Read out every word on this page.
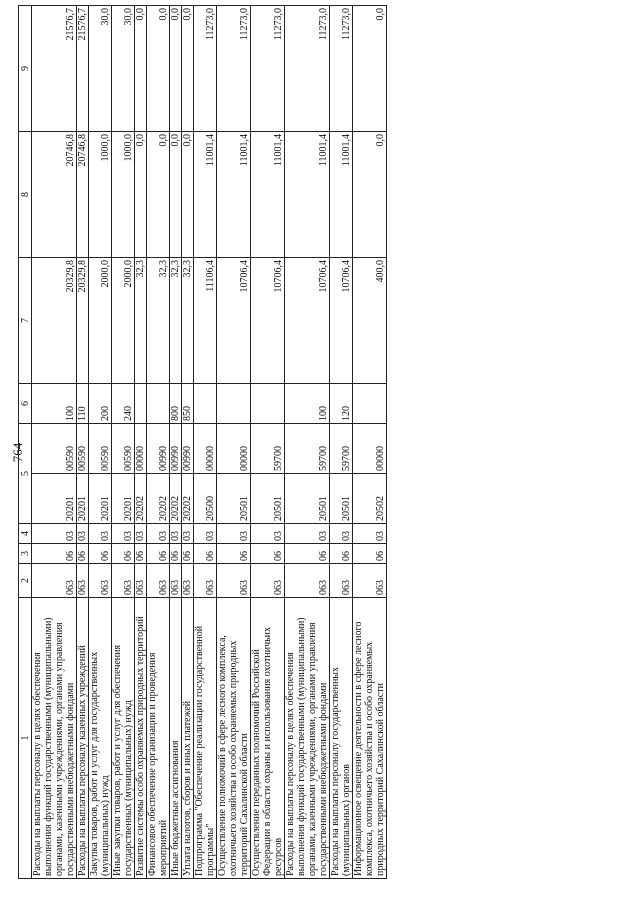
764
1	2	3	4	5		6	7	8	9
Расходы на выплаты персоналу в целях обеспечения выполнения функций государственными (муниципальными) органами, казенными учреждениями, органами управления государственными внебюджетными фондами	063	06	03	20201	00590	100	20329,8	20746,8	21576,7
Расходы на выплаты персоналу казенных учреждений	063	06	03	20201	00590	110	20329,8	20746,8	21576,7
Закупка товаров, работ и услуг для государственных (муниципальных) нужд	063	06	03	20201	00590	200	2000,0	1000,0	30,0
Иные закупки товаров, работ и услуг для обеспечения государственных (муниципальных) нужд	063	06	03	20201	00590	240	2000,0	1000,0	30,0
Развитие системы особо охраняемых природных территорий	063	06	03	20202	00000		32,3	0,0	0,0
Финансовое обеспечение организации и проведения мероприятий	063	06	03	20202	00990		32,3	0,0	0,0
Иные бюджетные ассигнования	063	06	03	20202	00990	800	32,3	0,0	0,0
Уплата налогов, сборов и иных платежей	063	06	03	20202	00990	850	32,3	0,0	0,0
Подпрограмма "Обеспечение реализации государственной программы"	063	06	03	20500	00000		11106,4	11001,4	11273,0
Осуществление полномочий в сфере лесного комплекса, охотничьего хозяйства и особо охраняемых природных территорий Сахалинской области	063	06	03	20501	00000		10706,4	11001,4	11273,0
Осуществление переданных полномочий Российской Федерации в области охраны и использования охотничьих ресурсов	063	06	03	20501	59700		10706,4	11001,4	11273,0
Расходы на выплаты персоналу в целях обеспечения выполнения функций государственными (муниципальными) органами, казенными учреждениями, органами управления государственными внебюджетными фондами	063	06	03	20501	59700	100	10706,4	11001,4	11273,0
Расходы на выплаты персоналу государственных (муниципальных) органов	063	06	03	20501	59700	120	10706,4	11001,4	11273,0
Информационное освещение деятельности в сфере лесного комплекса, охотничьего хозяйства и особо охраняемых природных территорий Сахалинской области	063	06	03	20502	00000		400,0	0,0	0,0
